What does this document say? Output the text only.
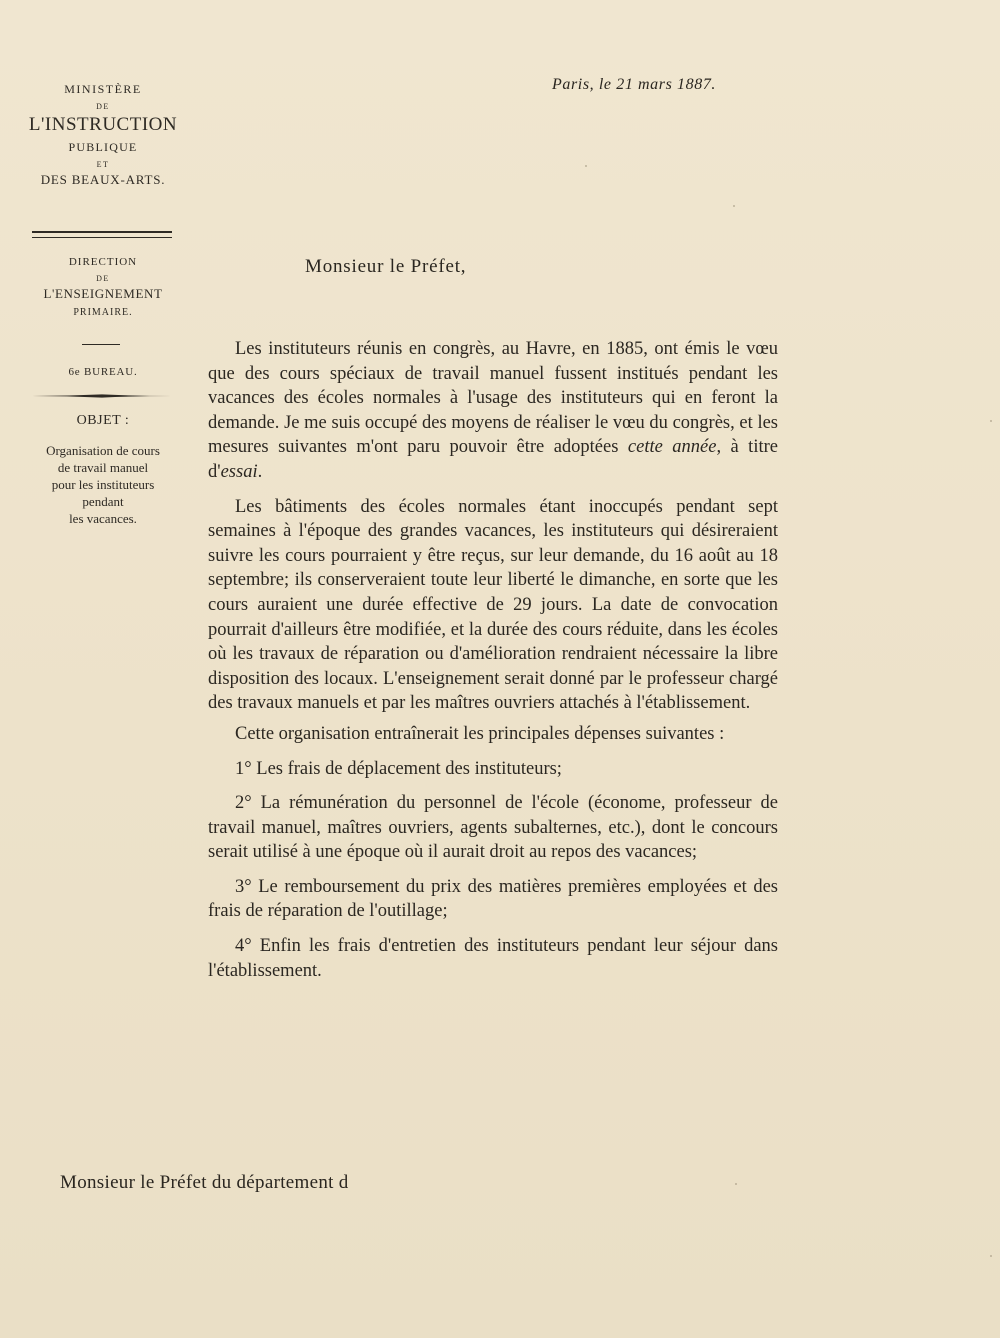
MINISTÈRE
DE
L'INSTRUCTION
PUBLIQUE
ET
DES BEAUX-ARTS.
DIRECTION
DE
L'ENSEIGNEMENT
PRIMAIRE.
6e BUREAU.
OBJET :
Organisation de cours
de travail manuel
pour les instituteurs
pendant
les vacances.
Paris, le 21 mars 1887.
Monsieur le Préfet,

Les instituteurs réunis en congrès, au Havre, en 1885, ont émis le vœu que des cours spéciaux de travail manuel fussent institués pendant les vacances des écoles normales à l'usage des instituteurs qui en feront la demande. Je me suis occupé des moyens de réaliser le vœu du congrès, et les mesures suivantes m'ont paru pouvoir être adoptées cette année, à titre d'essai.

Les bâtiments des écoles normales étant inoccupés pendant sept semaines à l'époque des grandes vacances, les instituteurs qui désireraient suivre les cours pourraient y être reçus, sur leur demande, du 16 août au 18 septembre; ils conserveraient toute leur liberté le dimanche, en sorte que les cours auraient une durée effective de 29 jours. La date de convocation pourrait d'ailleurs être modifiée, et la durée des cours réduite, dans les écoles où les travaux de réparation ou d'amélioration rendraient nécessaire la libre disposition des locaux. L'enseignement serait donné par le professeur chargé des travaux manuels et par les maîtres ouvriers attachés à l'établissement.

Cette organisation entraînerait les principales dépenses suivantes :

1° Les frais de déplacement des instituteurs;

2° La rémunération du personnel de l'école (économe, professeur de travail manuel, maîtres ouvriers, agents subalternes, etc.), dont le concours serait utilisé à une époque où il aurait droit au repos des vacances;

3° Le remboursement du prix des matières premières employées et des frais de réparation de l'outillage;

4° Enfin les frais d'entretien des instituteurs pendant leur séjour dans l'établissement.

Monsieur le Préfet du département d
